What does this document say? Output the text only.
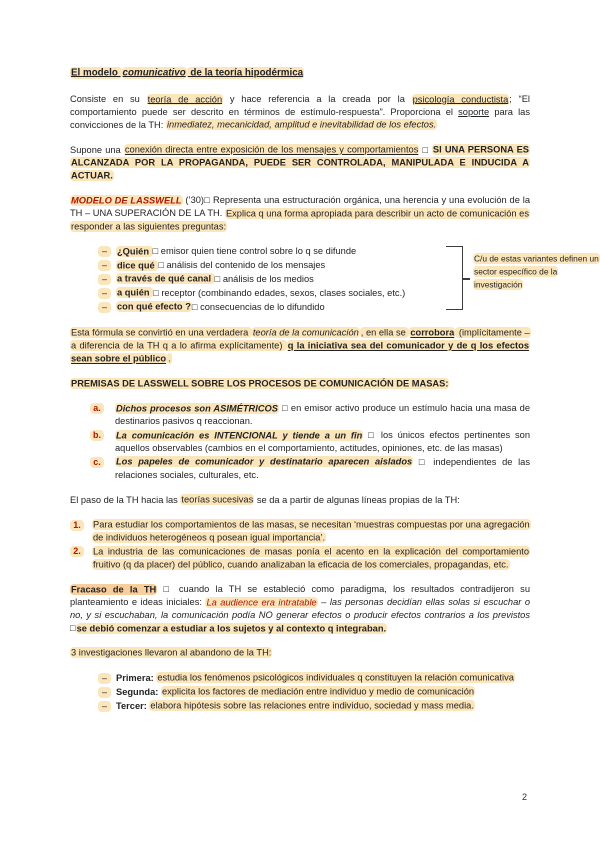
El modelo comunicativo de la teoría hipodérmica

Consiste en su teoría de acción y hace referencia a la creada por la psicología conductista; “El comportamiento puede ser descrito en términos de estímulo-respuesta”. Proporciona el soporte para las convicciones de la TH: inmediatez, mecanicidad, amplitud e inevitabilidad de los efectos.

Supone una conexión directa entre exposición de los mensajes y comportamientos □ SI UNA PERSONA ES ALCANZADA POR LA PROPAGANDA, PUEDE SER CONTROLADA, MANIPULADA E INDUCIDA A ACTUAR.

MODELO DE LASSWELL (’30)□ Representa una estructuración orgánica, una herencia y una evolución de la TH – UNA SUPERACIÓN DE LA TH. Explica q una forma apropiada para describir un acto de comunicación es responder a las siguientes preguntas:

–	¿Quién □ emisor quien tiene control sobre lo q se difunde
–	dice qué □ análisis del contenido de los mensajes
–	a través de qué canal □ análisis de los medios
–	a quién □ receptor (combinando edades, sexos, clases sociales, etc.)
–	con qué efecto ?□ consecuencias de lo difundido
C/u de estas variantes definen un sector específico de la investigación

Esta fórmula se convirtió en una verdadera teoría de la comunicación , en ella se corrobora (implícitamente – a diferencia de la TH q a lo afirma explícitamente) q la iniciativa sea del comunicador y de q los efectos sean sobre el público .

PREMISAS DE LASSWELL SOBRE LOS PROCESOS DE COMUNICACIÓN DE MASAS:

a.	Dichos procesos son ASIMÉTRICOS □ en emisor activo produce un estímulo hacia una masa de destinarios pasivos q reaccionan.
b.	La comunicación es INTENCIONAL y tiende a un fin □ los únicos efectos pertinentes son aquellos observables (cambios en el comportamiento, actitudes, opiniones, etc. de las masas)
c.	Los papeles de comunicador y destinatario aparecen aislados □ independientes de las relaciones sociales, culturales, etc.

El paso de la TH hacia las teorías sucesivas se da a partir de algunas líneas propias de la TH:

1.	Para estudiar los comportamientos de las masas, se necesitan ‘muestras compuestas por una agregación de individuos heterogéneos q posean igual importancia’.
2.	La industria de las comunicaciones de masas ponía el acento en la explicación del comportamiento fruitivo (q da placer) del público, cuando analizaban la eficacia de los comerciales, propagandas, etc.

Fracaso de la TH □ cuando la TH se estableció como paradigma, los resultados contradijeron su planteamiento e ideas iniciales: La audience era intratable – las personas decidían ellas solas si escuchar o no, y si escuchaban, la comunicación podía NO generar efectos o producir efectos contrarios a los previstos □se debió comenzar a estudiar a los sujetos y al contexto q integraban.

3 investigaciones llevaron al abandono de la TH:

– Primera: estudia los fenómenos psicológicos individuales q constituyen la relación comunicativa
– Segunda: explicita los factores de mediación entre individuo y medio de comunicación
– Tercer: elabora hipótesis sobre las relaciones entre individuo, sociedad y mass media.
2
